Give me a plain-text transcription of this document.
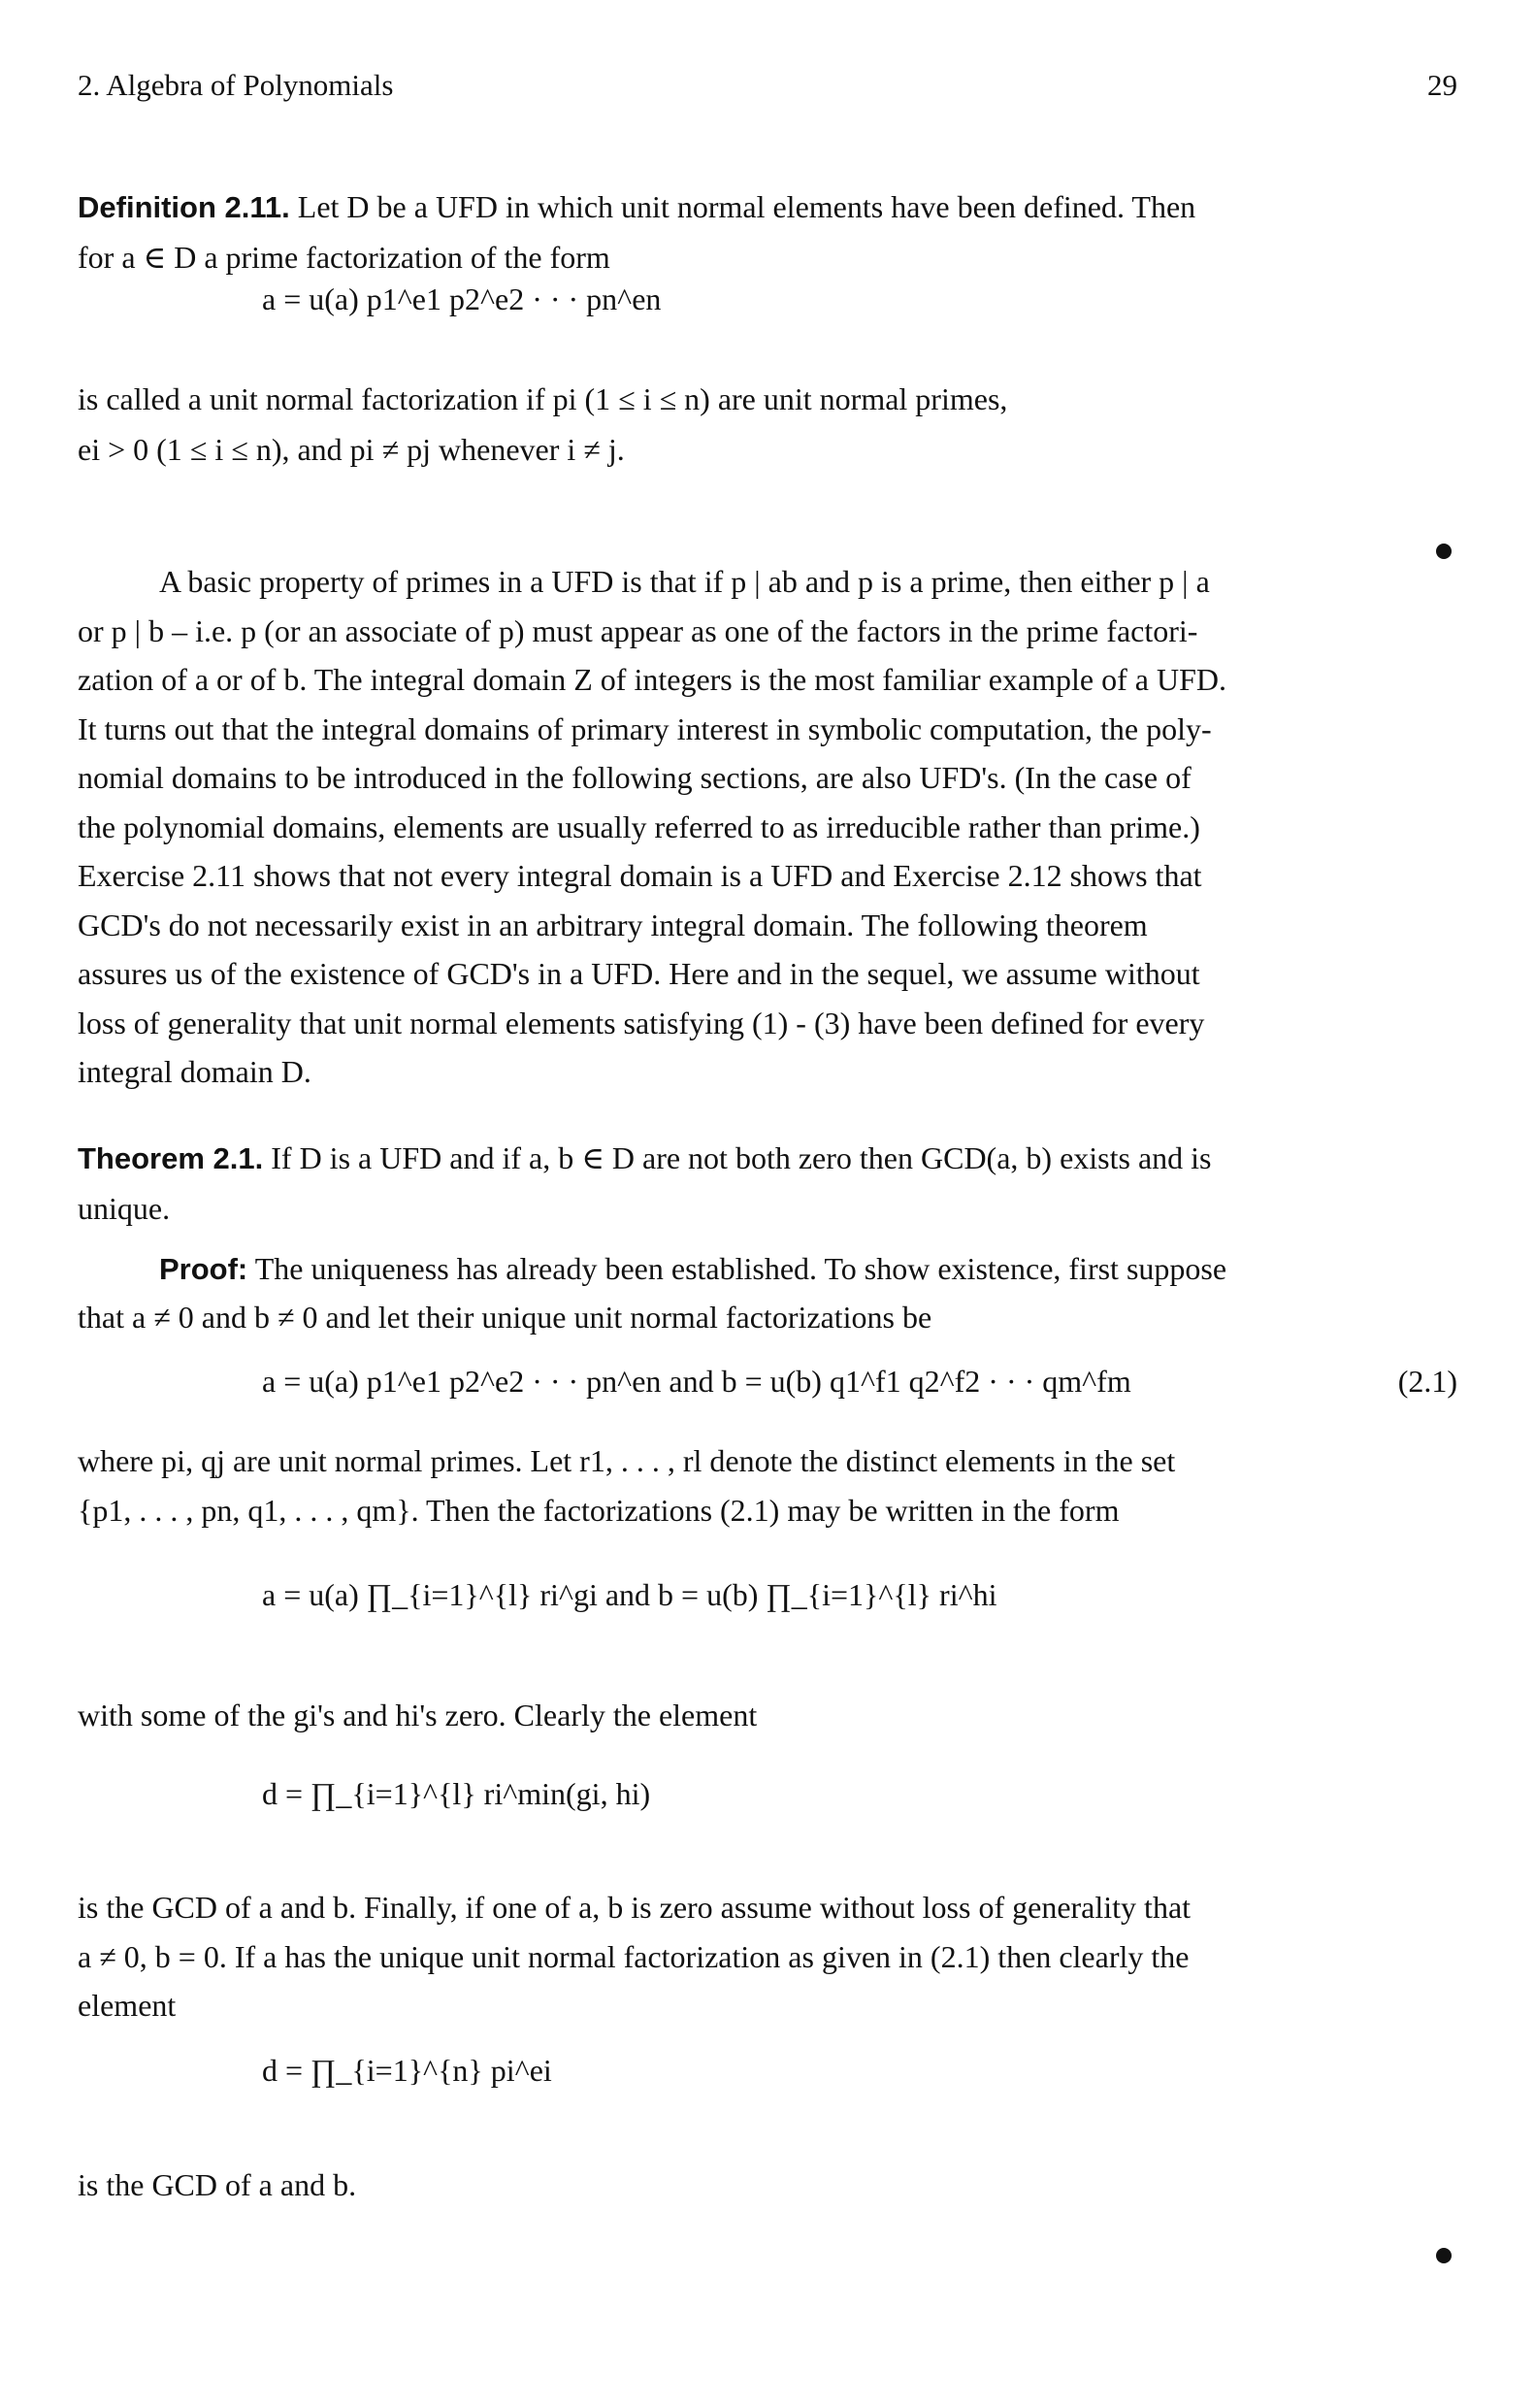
2. Algebra of Polynomials	29
Definition 2.11. Let D be a UFD in which unit normal elements have been defined. Then
for a ∈ D a prime factorization of the form
a = u(a) p1^e1 p2^e2 · · · pn^en
is called a unit normal factorization if pi (1 ≤ i ≤ n) are unit normal primes,
ei > 0 (1 ≤ i ≤ n), and pi ≠ pj whenever i ≠ j.
A basic property of primes in a UFD is that if p | ab and p is a prime, then either p | a
or p | b – i.e. p (or an associate of p) must appear as one of the factors in the prime factori-
zation of a or of b. The integral domain Z of integers is the most familiar example of a UFD.
It turns out that the integral domains of primary interest in symbolic computation, the poly-
nomial domains to be introduced in the following sections, are also UFD's. (In the case of
the polynomial domains, elements are usually referred to as irreducible rather than prime.)
Exercise 2.11 shows that not every integral domain is a UFD and Exercise 2.12 shows that
GCD's do not necessarily exist in an arbitrary integral domain. The following theorem
assures us of the existence of GCD's in a UFD. Here and in the sequel, we assume without
loss of generality that unit normal elements satisfying (1) - (3) have been defined for every
integral domain D.
Theorem 2.1. If D is a UFD and if a, b ∈ D are not both zero then GCD(a, b) exists and is
unique.
Proof: The uniqueness has already been established. To show existence, first suppose
that a ≠ 0 and b ≠ 0 and let their unique unit normal factorizations be
a = u(a) p1^e1 p2^e2 · · · pn^en and b = u(b) q1^f1 q2^f2 · · · qm^fm	(2.1)
where pi, qj are unit normal primes. Let r1, . . . , rl denote the distinct elements in the set
{p1, . . . , pn, q1, . . . , qm}. Then the factorizations (2.1) may be written in the form
a = u(a) ∏_{i=1}^{l} ri^gi and b = u(b) ∏_{i=1}^{l} ri^hi
with some of the gi's and hi's zero. Clearly the element
d = ∏_{i=1}^{l} ri^min(gi, hi)
is the GCD of a and b. Finally, if one of a, b is zero assume without loss of generality that
a ≠ 0, b = 0. If a has the unique unit normal factorization as given in (2.1) then clearly the
element
d = ∏_{i=1}^{n} pi^ei
is the GCD of a and b.
